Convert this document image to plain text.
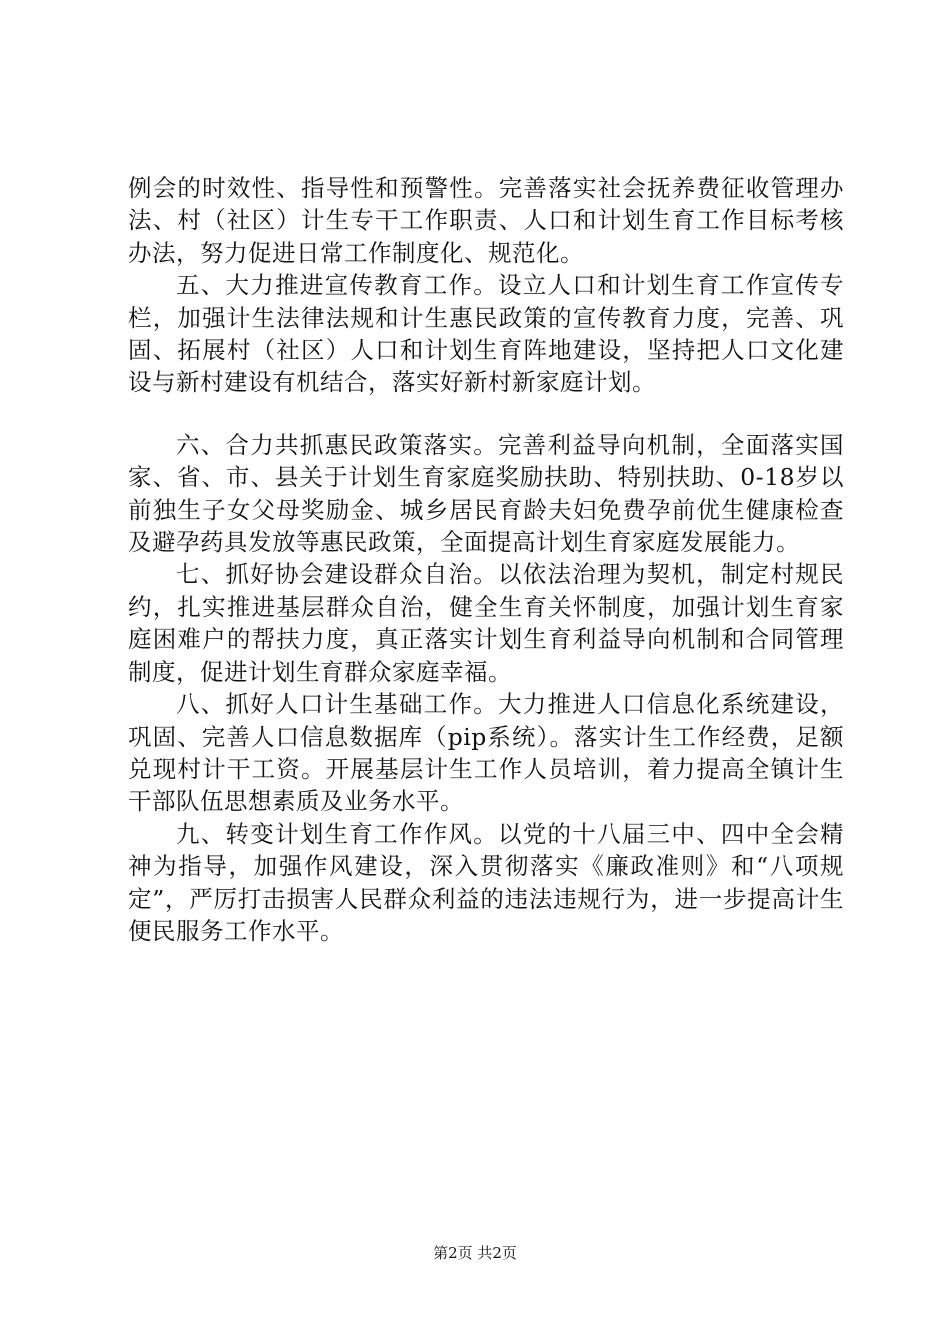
例会的时效性、指导性和预警性。完善落实社会抚养费征收管理办法、村（社区）计生专干工作职责、人口和计划生育工作目标考核办法，努力促进日常工作制度化、规范化。

五、大力推进宣传教育工作。设立人口和计划生育工作宣传专栏，加强计生法律法规和计生惠民政策的宣传教育力度，完善、巩固、拓展村（社区）人口和计划生育阵地建设，坚持把人口文化建设与新村建设有机结合，落实好新村新家庭计划。

六、合力共抓惠民政策落实。完善利益导向机制，全面落实国家、省、市、县关于计划生育家庭奖励扶助、特别扶助、0-18岁以前独生子女父母奖励金、城乡居民育龄夫妇免费孕前优生健康检查及避孕药具发放等惠民政策，全面提高计划生育家庭发展能力。

七、抓好协会建设群众自治。以依法治理为契机，制定村规民约，扎实推进基层群众自治，健全生育关怀制度，加强计划生育家庭困难户的帮扶力度，真正落实计划生育利益导向机制和合同管理制度，促进计划生育群众家庭幸福。

八、抓好人口计生基础工作。大力推进人口信息化系统建设，巩固、完善人口信息数据库（pip系统）。落实计生工作经费，足额兑现村计干工资。开展基层计生工作人员培训，着力提高全镇计生干部队伍思想素质及业务水平。

九、转变计划生育工作作风。以党的十八届三中、四中全会精神为指导，加强作风建设，深入贯彻落实《廉政准则》和“八项规定”，严厉打击损害人民群众利益的违法违规行为，进一步提高计生便民服务工作水平。

第2页 共2页
